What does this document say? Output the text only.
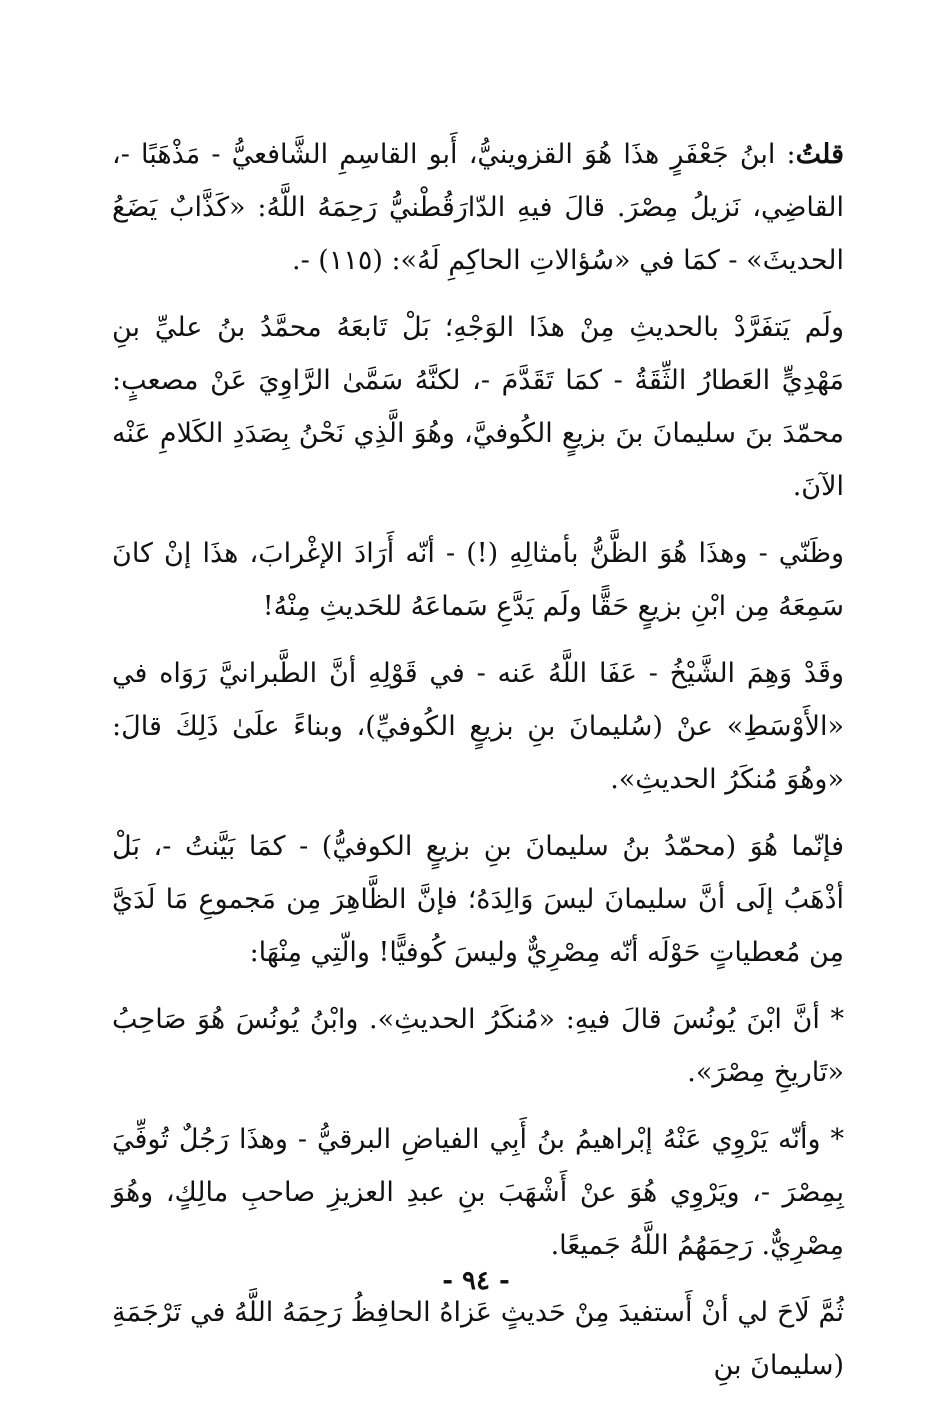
قلتُ: ابنُ جَعْفَرٍ هذَا هُوَ القزوينيُّ، أَبو القاسِمِ الشَّافعيُّ - مَذْهَبًا -، القاضِي، نَزيلُ مِصْرَ. قالَ فيهِ الدّارَقُطْنيُّ رَحِمَهُ اللَّهُ: «كَذَّابٌ يَضَعُ الحديثَ» - كمَا في «سُؤالاتِ الحاكِمِ لَهُ»: (١١٥) -.

ولَم يَتفَرَّدْ بالحديثِ مِنْ هذَا الوَجْهِ؛ بَلْ تَابعَهُ محمَّدُ بنُ عليِّ بنِ مَهْدِيٍّ العَطارُ الثِّقَةُ - كمَا تَقَدَّمَ -، لكنَّهُ سَمَّىٰ الرَّاوِيَ عَنْ مصعبٍ: محمّدَ بنَ سليمانَ بنَ بزيعٍ الكُوفيَّ، وهُوَ الَّذِي نَحْنُ بِصَدَدِ الكَلامِ عَنْه الآنَ.

وظَنّي - وهذَا هُوَ الظَّنُّ بأمثالِهِ (!) - أنّه أَرَادَ الإغْرابَ، هذَا إنْ كانَ سَمِعَهُ مِن ابْنِ بزيعٍ حَقًّا ولَم يَدَّعِ سَماعَهُ للحَديثِ مِنْهُ!

وقَدْ وَهِمَ الشَّيْخُ - عَفَا اللَّهُ عَنه - في قَوْلِهِ أنَّ الطَّبرانيَّ رَوَاه في «الأَوْسَطِ» عنْ (سُليمانَ بنِ بزيعٍ الكُوفيِّ)، وبناءً علَىٰ ذَلِكَ قالَ: «وهُوَ مُنكَرُ الحديثِ».

فإنّما هُوَ (محمّدُ بنُ سليمانَ بنِ بزيعٍ الكوفيُّ) - كمَا بَيَّنتُ -، بَلْ أذْهَبُ إلَى أنَّ سليمانَ ليسَ وَالِدَهُ؛ فإنَّ الظَّاهِرَ مِن مَجموعِ مَا لَدَيَّ مِن مُعطياتٍ حَوْلَه أنّه مِصْرِيٌّ وليسَ كُوفيًّا! والّتِي مِنْهَا:

* أنَّ ابْنَ يُونُسَ قالَ فيهِ: «مُنكَرُ الحديثِ». وابْنُ يُونُسَ هُوَ صَاحِبُ «تَاريخِ مِصْرَ».

* وأنّه يَرْوِي عَنْهُ إبْراهيمُ بنُ أَبِي الفياضِ البرقيُّ - وهذَا رَجُلٌ تُوفِّيَ بِمِصْرَ -، ويَرْوِي هُوَ عنْ أَشْهَبَ بنِ عبدِ العزيزِ صاحبِ مالِكٍ، وهُوَ مِصْرِيٌّ. رَحِمَهُمُ اللَّهُ جَميعًا.

ثُمَّ لَاحَ لي أنْ أَستفيدَ مِنْ حَديثٍ عَزاهُ الحافِظُ رَحِمَهُ اللَّهُ في تَرْجَمَةِ (سليمانَ بنِ

- ٩٤ -
